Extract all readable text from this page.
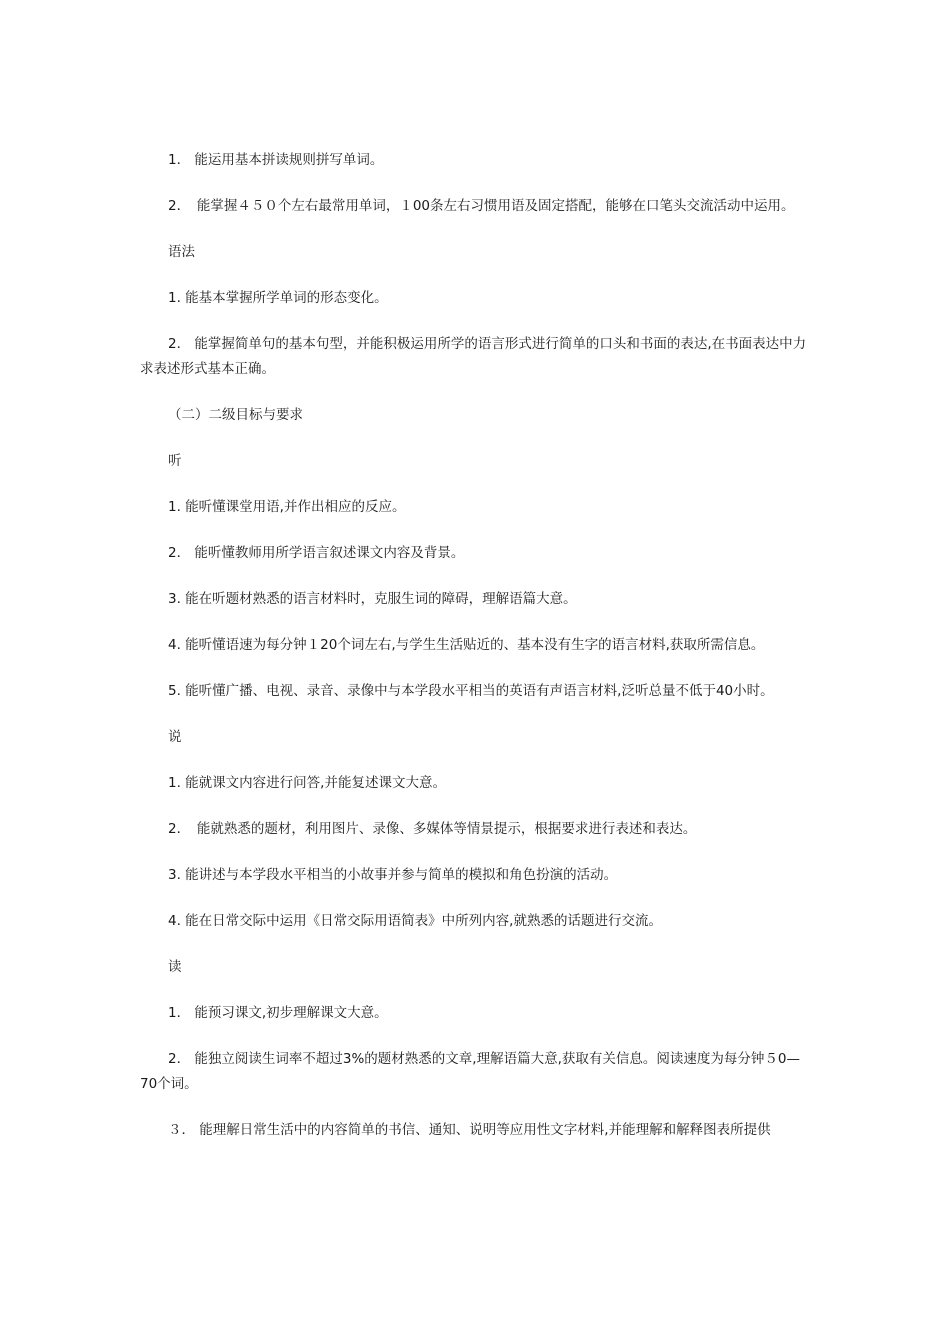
1． 能运用基本拼读规则拼写单词。

2．　能掌握４５０个左右最常用单词，１00条左右习惯用语及固定搭配，能够在口笔头交流活动中运用。

语法

1. 能基本掌握所学单词的形态变化。

2． 能掌握简单句的基本句型，并能积极运用所学的语言形式进行简单的口头和书面的表达,在书面表达中力求表述形式基本正确。

（二）二级目标与要求

听

1. 能听懂课堂用语,并作出相应的反应。

2． 能听懂教师用所学语言叙述课文内容及背景。

3. 能在听题材熟悉的语言材料时，克服生词的障碍，理解语篇大意。

4. 能听懂语速为每分钟１20个词左右,与学生生活贴近的、基本没有生字的语言材料,获取所需信息。

5. 能听懂广播、电视、录音、录像中与本学段水平相当的英语有声语言材料,泛听总量不低于40小时。

说

1. 能就课文内容进行问答,并能复述课文大意。

2．　能就熟悉的题材，利用图片、录像、多媒体等情景提示，根据要求进行表述和表达。

3. 能讲述与本学段水平相当的小故事并参与简单的模拟和角色扮演的活动。

4. 能在日常交际中运用《日常交际用语简表》中所列内容,就熟悉的话题进行交流。

读

1． 能预习课文,初步理解课文大意。

2． 能独立阅读生词率不超过3%的题材熟悉的文章,理解语篇大意,获取有关信息。阅读速度为每分钟５0—70个词。

３． 能理解日常生活中的内容简单的书信、通知、说明等应用性文字材料,并能理解和解释图表所提供
